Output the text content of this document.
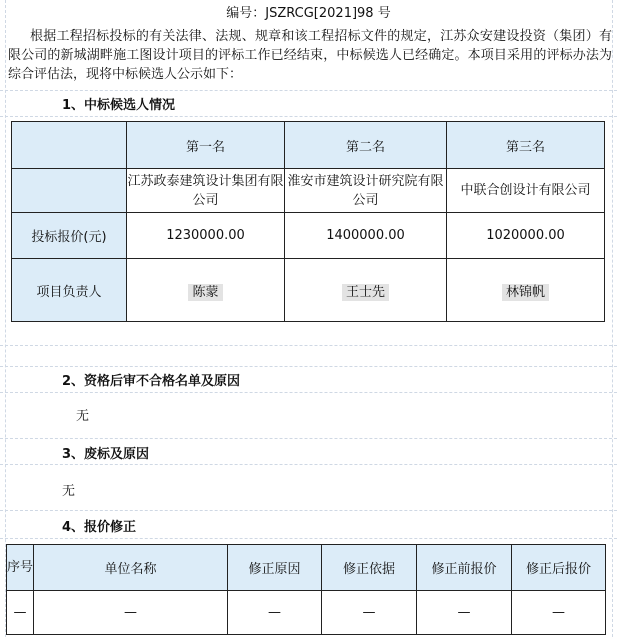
编号：JSZRCG[2021]98 号
根据工程招标投标的有关法律、法规、规章和该工程招标文件的规定，江苏众安建设投资（集团）有限公司的新城湖畔施工图设计项目的评标工作已经结束，中标候选人已经确定。本项目采用的评标办法为综合评估法，现将中标候选人公示如下：
1、中标候选人情况
	第一名	第二名	第三名
	江苏政泰建筑设计集团有限公司	淮安市建筑设计研究院有限公司	中联合创设计有限公司
投标报价(元)	1230000.00	1400000.00	1020000.00
项目负责人	陈蒙	王士先	林锦帆
2、资格后审不合格名单及原因
无
3、废标及原因
无
4、报价修正
序号	单位名称	修正原因	修正依据	修正前报价	修正后报价
—	—	—	—	—	—
